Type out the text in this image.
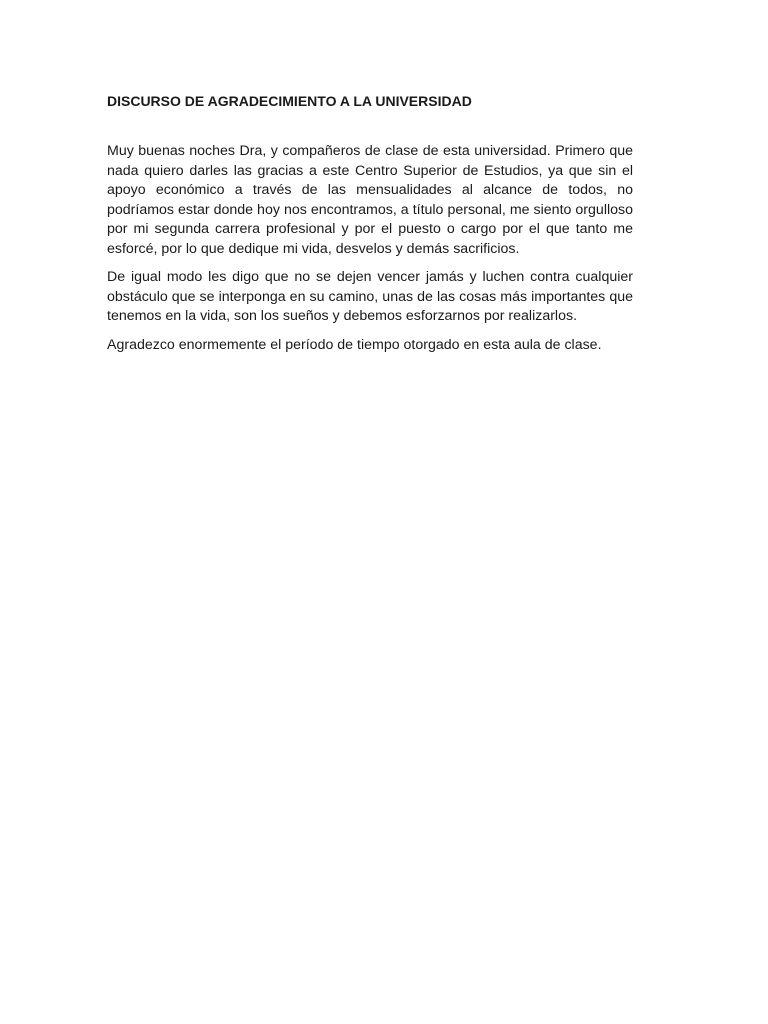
DISCURSO DE AGRADECIMIENTO A LA UNIVERSIDAD

Muy buenas noches Dra, y compañeros de clase de esta universidad. Primero que nada quiero darles las gracias a este Centro Superior de Estudios, ya que sin el apoyo económico a través de las mensualidades al alcance de todos, no podríamos estar donde hoy nos encontramos, a título personal, me siento orgulloso por mi segunda carrera profesional y por el puesto o cargo por el que tanto me esforcé, por lo que dedique mi vida, desvelos y demás sacrificios.

De igual modo les digo que no se dejen vencer jamás y luchen contra cualquier obstáculo que se interponga en su camino, unas de las cosas más importantes que tenemos en la vida, son los sueños y debemos esforzarnos por realizarlos.

Agradezco enormemente el período de tiempo otorgado en esta aula de clase.
